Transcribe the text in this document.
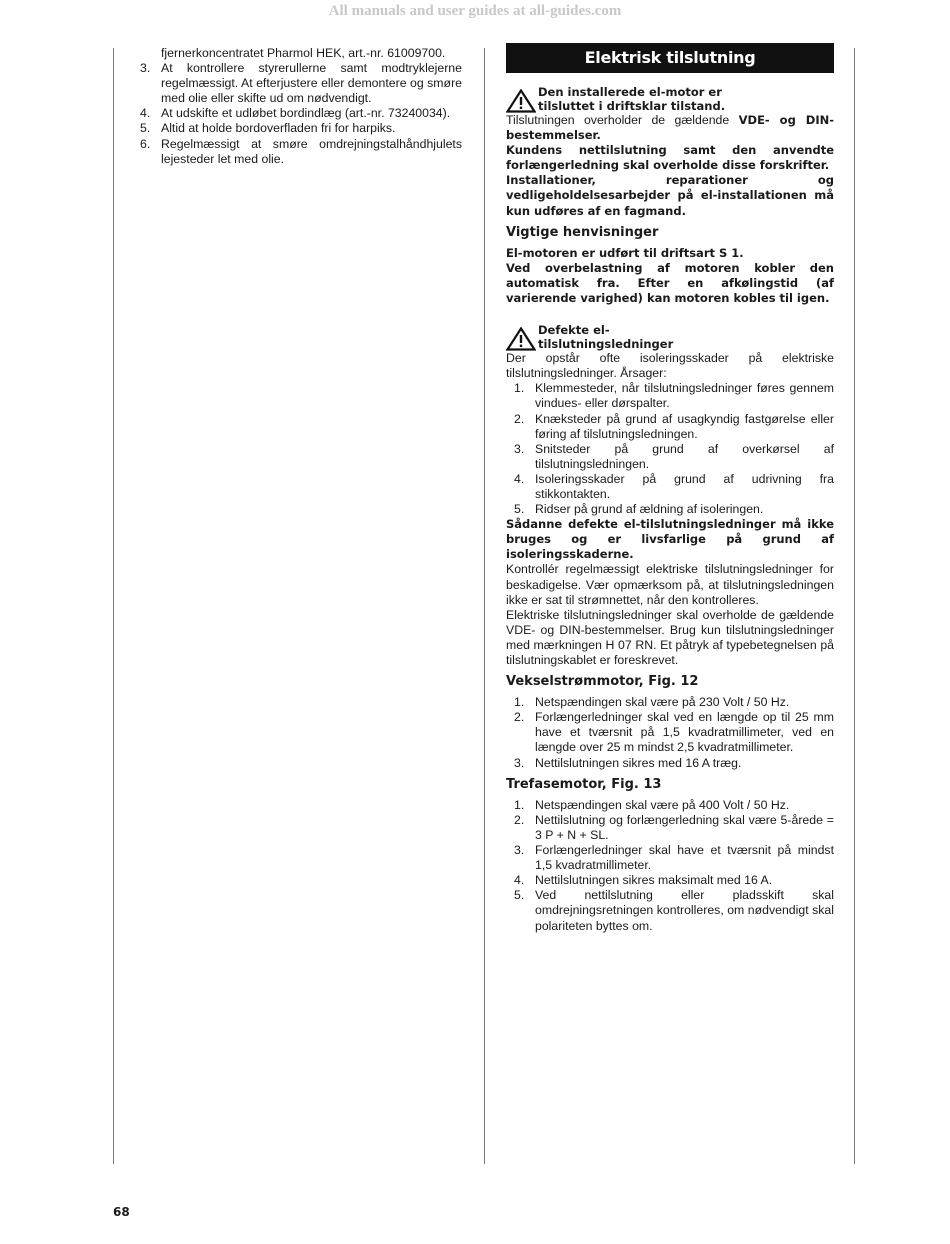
All manuals and user guides at all-guides.com
fjernerkoncentratet Pharmol HEK, art.-nr. 61009700.
3. At kontrollere styrerullerne samt modtryklejerne regelmæssigt. At efterjustere eller demontere og smøre med olie eller skifte ud om nødvendigt.
4. At udskifte et udløbet bordindlæg (art.-nr. 73240034).
5. Altid at holde bordoverfladen fri for harpiks.
6. Regelmæssigt at smøre omdrejningstalhåndhjulets lejesteder let med olie.
Elektrisk tilslutning
Den installerede el-motor er
tilsluttet i driftsklar tilstand.

Tilslutningen overholder de gældende VDE- og DIN-bestemmelser.

Kundens nettilslutning samt den anvendte forlængerledning skal overholde disse forskrifter.

Installationer, reparationer og vedligeholdelsesarbejder på el-installationen må kun udføres af en fagmand.

Vigtige henvisninger

El-motoren er udført til driftsart S 1.

Ved overbelastning af motoren kobler den automatisk fra. Efter en afkølingstid (af varierende varighed) kan motoren kobles til igen.

Defekte el-
tilslutningsledninger

Der opstår ofte isoleringsskader på elektriske tilslutningsledninger. Årsager:

1. Klemmesteder, når tilslutningsledninger føres gennem vindues- eller dørspalter.
2. Knæksteder på grund af usagkyndig fastgørelse eller føring af tilslutningsledningen.
3. Snitsteder på grund af overkørsel af tilslutningsledningen.
4. Isoleringsskader på grund af udrivning fra stikkontakten.
5. Ridser på grund af ældning af isoleringen.

Sådanne defekte el-tilslutningsledninger må ikke bruges og er livsfarlige på grund af isoleringsskaderne.

Kontrollér regelmæssigt elektriske tilslutningsledninger for beskadigelse. Vær opmærksom på, at tilslutningsledningen ikke er sat til strømnettet, når den kontrolleres.

Elektriske tilslutningsledninger skal overholde de gældende VDE- og DIN-bestemmelser. Brug kun tilslutningsledninger med mærkningen H 07 RN. Et påtryk af typebetegnelsen på tilslutningskablet er foreskrevet.

Vekselstrømmotor, Fig. 12
1. Netspændingen skal være på 230 Volt / 50 Hz.
2. Forlængerledninger skal ved en længde op til 25 mm have et tværsnit på 1,5 kvadratmillimeter, ved en længde over 25 m mindst 2,5 kvadratmillimeter.
3. Nettilslutningen sikres med 16 A træg.
Trefasemotor, Fig. 13
1. Netspændingen skal være på 400 Volt / 50 Hz.
2. Nettilslutning og forlængerledning skal være 5-årede = 3 P + N + SL.
3. Forlængerledninger skal have et tværsnit på mindst 1,5 kvadratmillimeter.
4. Nettilslutningen sikres maksimalt med 16 A.
5. Ved nettilslutning eller pladsskift skal omdrejningsretningen kontrolleres, om nødvendigt skal polariteten byttes om.
68
